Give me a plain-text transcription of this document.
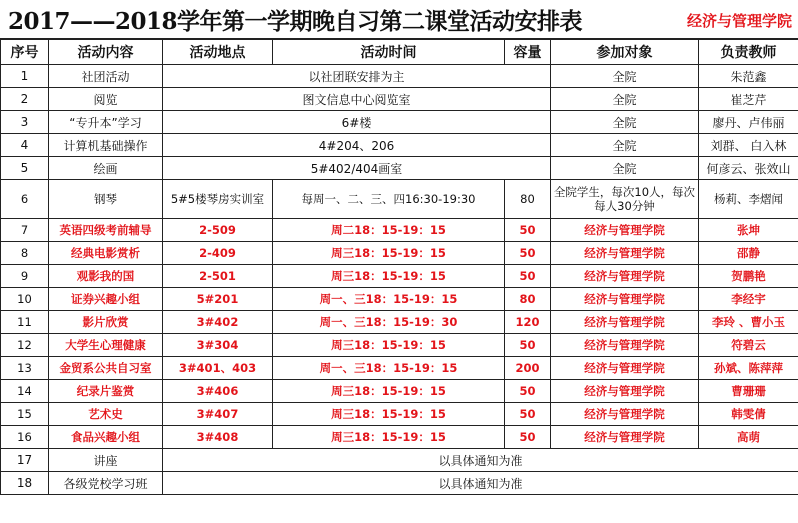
2017——2018学年第一学期晚自习第二课堂活动安排表	经济与管理学院
序号	活动内容	活动地点	活动时间	容量	参加对象	负责教师
1	社团活动	以社团联安排为主			全院	朱范鑫
2	阅览	图文信息中心阅览室			全院	崔芝芹
3	“专升本”学习	6#楼			全院	廖丹、卢伟丽
4	计算机基础操作	4#204、206			全院	刘群、 白入林
5	绘画	5#402/404画室			全院	何彦云、张效山
6	钢琴	5#5楼琴房实训室	每周一、二、三、四16:30-19:30	80	全院学生，每次10人，每次每人30分钟	杨莉、李熠闻
7	英语四级考前辅导	2-509	周二18：15-19：15	50	经济与管理学院	张坤
8	经典电影赏析	2-409	周三18：15-19：15	50	经济与管理学院	邵静
9	观影我的国	2-501	周三18：15-19：15	50	经济与管理学院	贺鹏艳
10	证券兴趣小组	5#201	周一、三18：15-19：15	80	经济与管理学院	李经宇
11	影片欣赏	3#402	周一、三18：15-19：30	120	经济与管理学院	李玲 、曹小玉
12	大学生心理健康	3#304	周三18：15-19：15	50	经济与管理学院	符碧云
13	金贸系公共自习室	3#401、403	周一、三18：15-19：15	200	经济与管理学院	孙斌、陈萍萍
14	纪录片鉴赏	3#406	周三18：15-19：15	50	经济与管理学院	曹珊珊
15	艺术史	3#407	周三18：15-19：15	50	经济与管理学院	韩雯倩
16	食品兴趣小组	3#408	周三18：15-19：15	50	经济与管理学院	高萌
17	讲座	以具体通知为准				
18	各级党校学习班	以具体通知为准				
